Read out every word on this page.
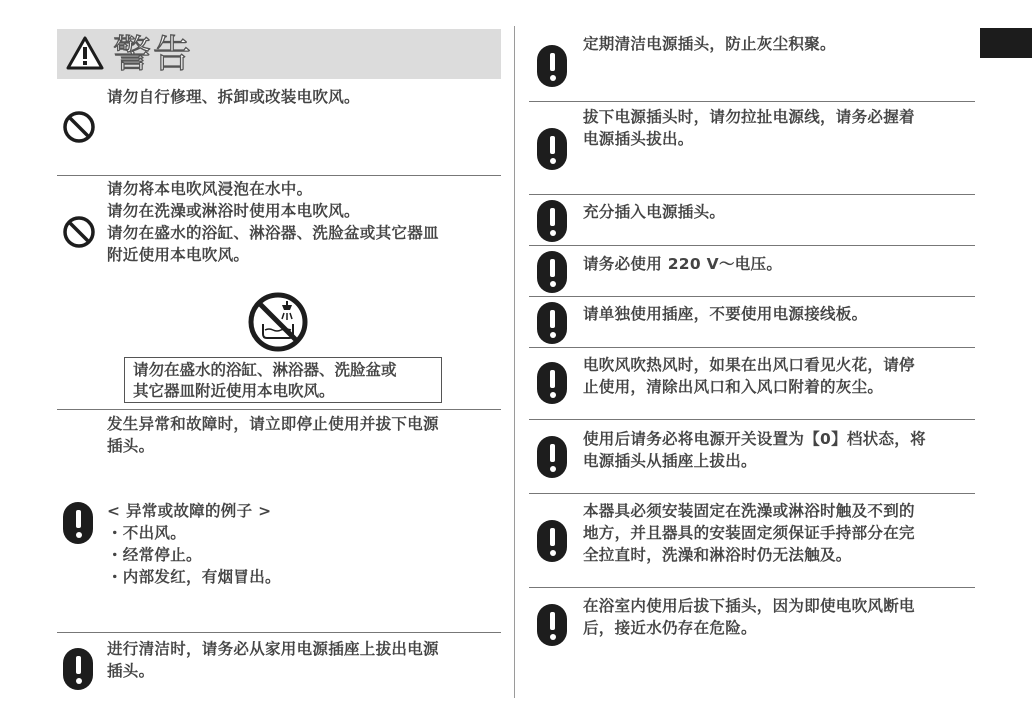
警告
请勿自行修理、拆卸或改装电吹风。
请勿将本电吹风浸泡在水中。
请勿在洗澡或淋浴时使用本电吹风。
请勿在盛水的浴缸、淋浴器、洗脸盆或其它器皿
附近使用本电吹风。
请勿在盛水的浴缸、淋浴器、洗脸盆或
其它器皿附近使用本电吹风。
发生异常和故障时，请立即停止使用并拔下电源
插头。
< 异常或故障的例子 >
・不出风。
・经常停止。
・内部发红，有烟冒出。
进行清洁时，请务必从家用电源插座上拔出电源
插头。
定期清洁电源插头，防止灰尘积聚。
拔下电源插头时，请勿拉扯电源线，请务必握着
电源插头拔出。
充分插入电源插头。
请务必使用 220 V～电压。
请单独使用插座，不要使用电源接线板。
电吹风吹热风时，如果在出风口看见火花，请停
止使用，清除出风口和入风口附着的灰尘。
使用后请务必将电源开关设置为【0】档状态，将
电源插头从插座上拔出。
本器具必须安装固定在洗澡或淋浴时触及不到的
地方，并且器具的安装固定须保证手持部分在完
全拉直时，洗澡和淋浴时仍无法触及。
在浴室内使用后拔下插头，因为即使电吹风断电
后，接近水仍存在危险。
